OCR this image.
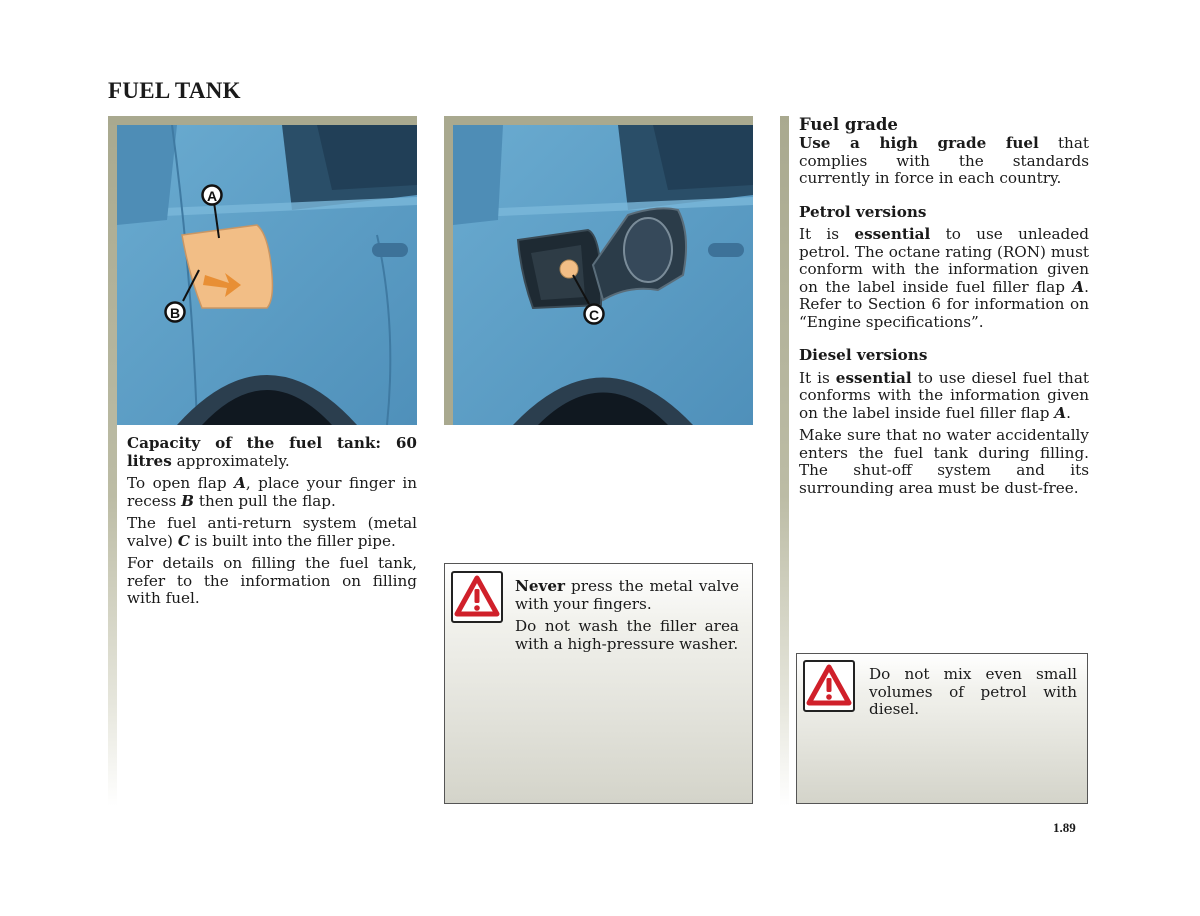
FUEL TANK
A
B	C

Capacity of the fuel tank: 60 litres approximately.

To open flap A, place your finger in recess B then pull the flap.

The fuel anti-return system (metal valve) C is built into the filler pipe.

For details on filling the fuel tank, refer to the information on filling with fuel.

Never press the metal valve with your fingers.

Do not wash the filler area with a high-pressure washer.

Fuel grade

Use a high grade fuel that complies with the standards currently in force in each country.

Petrol versions

It is essential to use unleaded petrol. The octane rating (RON) must conform with the information given on the label inside fuel filler flap A. Refer to Section 6 for information on “Engine specifications”.

Diesel versions

It is essential to use diesel fuel that conforms with the information given on the label inside fuel filler flap A.

Make sure that no water accidentally enters the fuel tank during filling. The shut-off system and its surrounding area must be dust-free.

Do not mix even small volumes of petrol with diesel.
1.89
